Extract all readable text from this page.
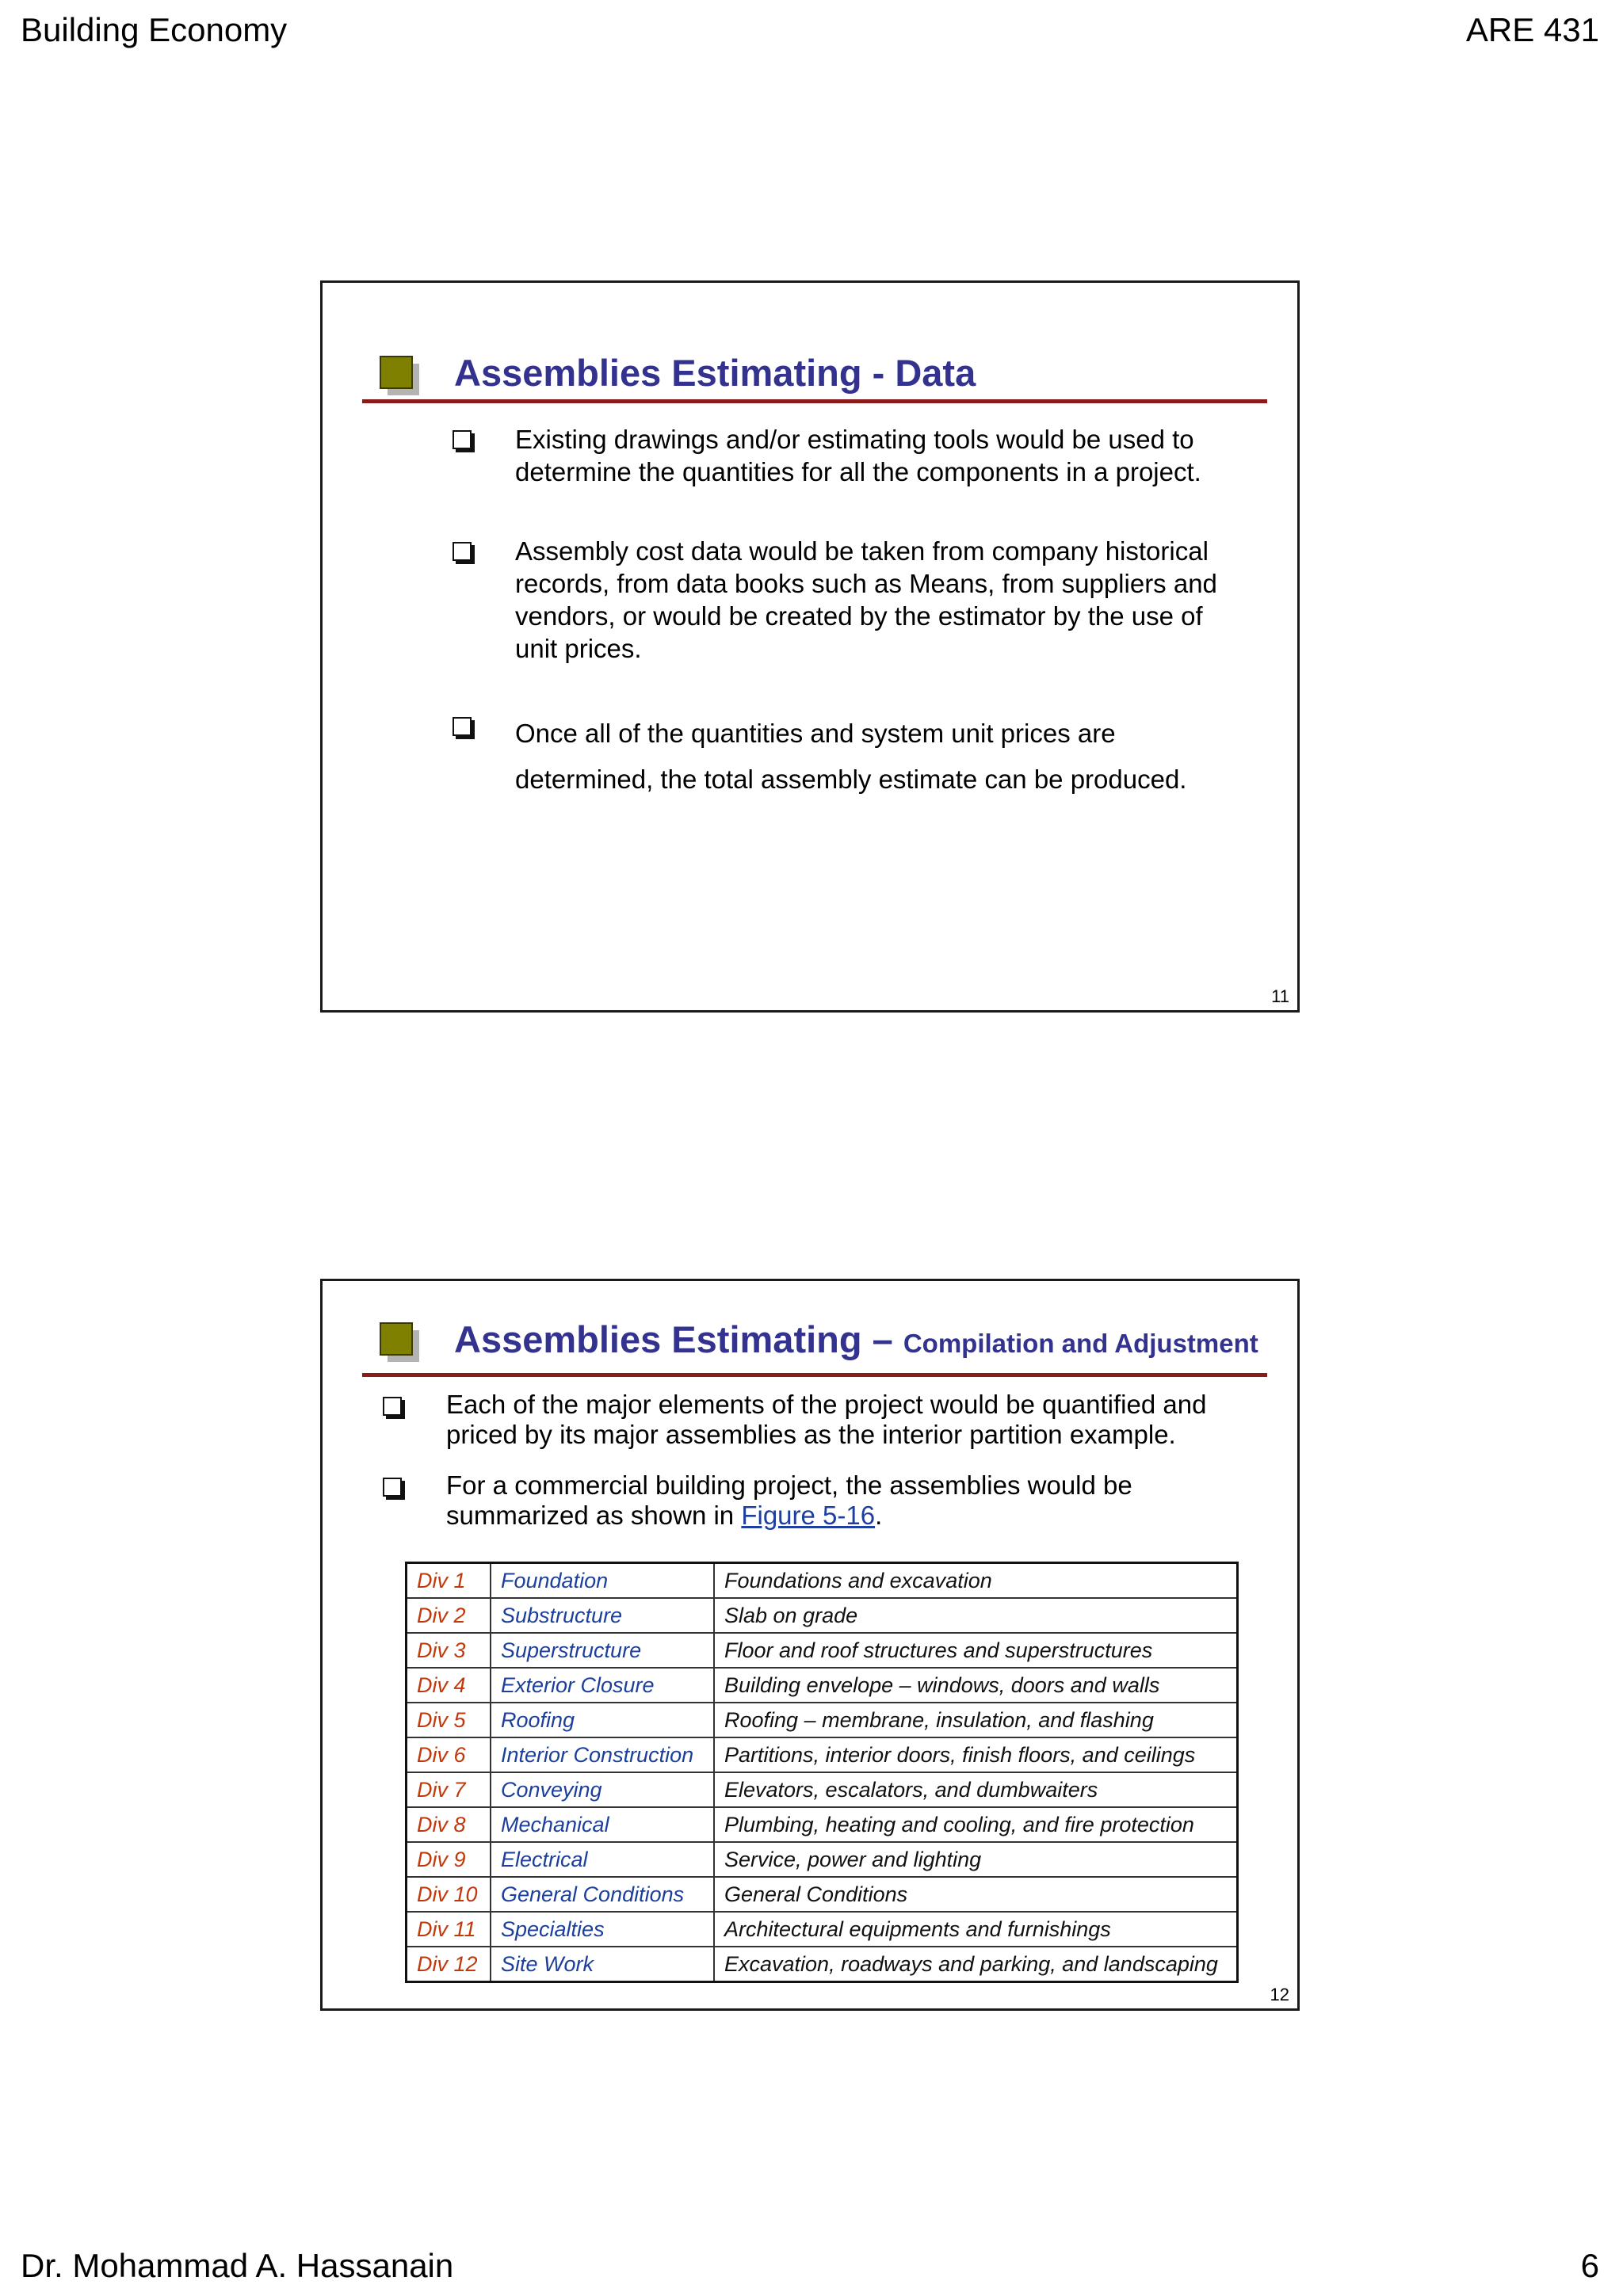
Building Economy	ARE 431
Assemblies Estimating - Data
Existing drawings and/or estimating tools would be used to
determine the quantities for all the components in a project.
Assembly cost data would be taken from company historical
records, from data books such as Means, from suppliers and
vendors, or would be created by the estimator by the use of
unit prices.
Once all of the quantities and system unit prices are
determined, the total assembly estimate can be produced.
11
Assemblies Estimating – Compilation and Adjustment
Each of the major elements of the project would be quantified and
priced by its major assemblies as the interior partition example.
For a commercial building project, the assemblies would be
summarized as shown in Figure 5-16.
Div 1	Foundation	Foundations and excavation
Div 2	Substructure	Slab on grade
Div 3	Superstructure	Floor and roof structures and superstructures
Div 4	Exterior Closure	Building envelope – windows, doors and walls
Div 5	Roofing	Roofing – membrane, insulation, and flashing
Div 6	Interior Construction	Partitions, interior doors, finish floors, and ceilings
Div 7	Conveying	Elevators, escalators, and dumbwaiters
Div 8	Mechanical	Plumbing, heating and cooling, and fire protection
Div 9	Electrical	Service, power and lighting
Div 10	General Conditions	General Conditions
Div 11	Specialties	Architectural equipments and furnishings
Div 12	Site Work	Excavation, roadways and parking, and landscaping
12
Dr. Mohammad A. Hassanain	6
